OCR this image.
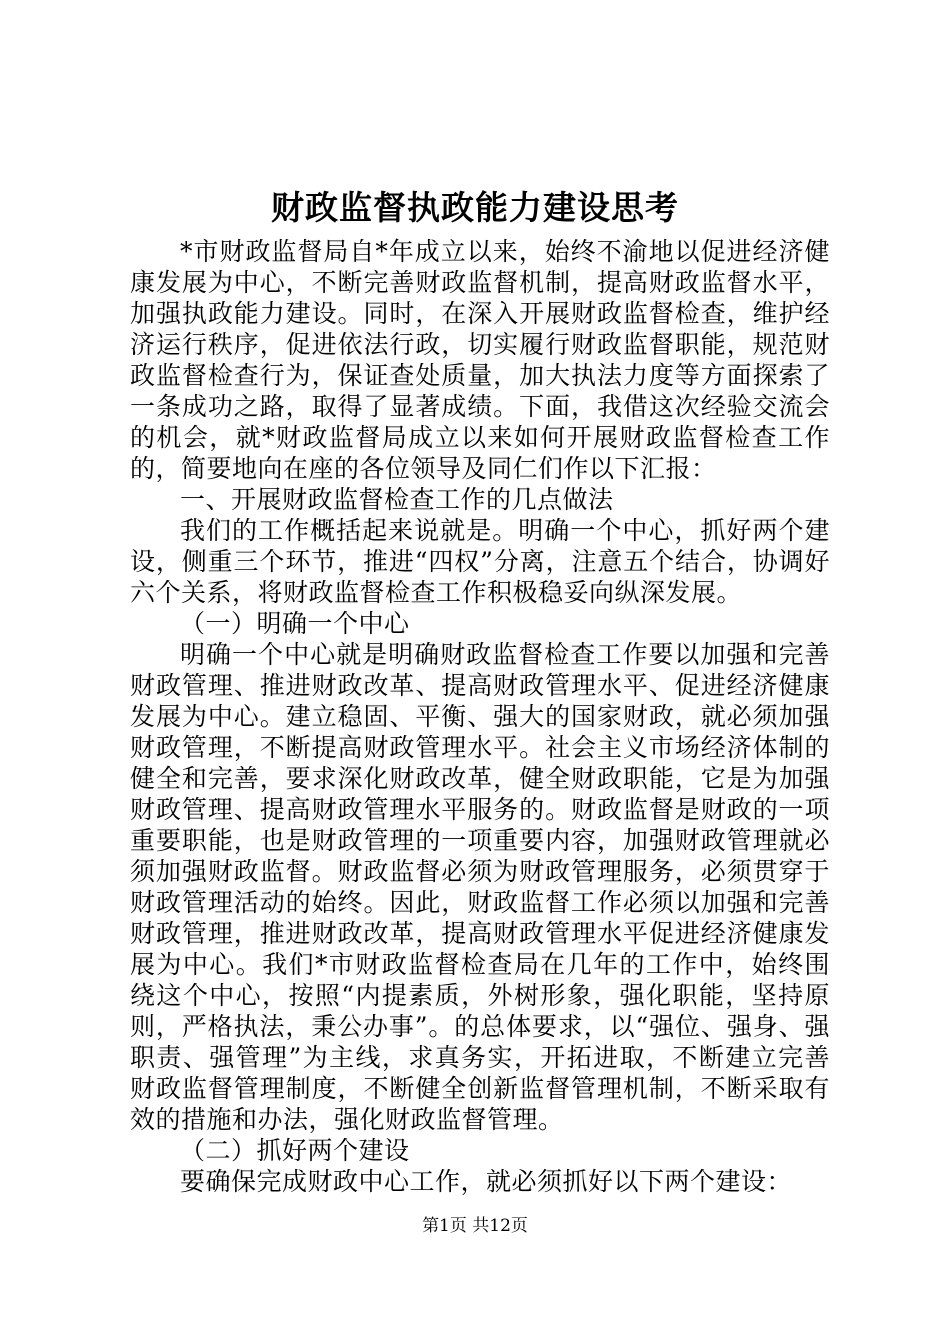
财政监督执政能力建设思考

*市财政监督局自*年成立以来，始终不渝地以促进经济健康发展为中心，不断完善财政监督机制，提高财政监督水平，加强执政能力建设。同时，在深入开展财政监督检查，维护经济运行秩序，促进依法行政，切实履行财政监督职能，规范财政监督检查行为，保证查处质量，加大执法力度等方面探索了一条成功之路，取得了显著成绩。下面，我借这次经验交流会的机会，就*财政监督局成立以来如何开展财政监督检查工作的，简要地向在座的各位领导及同仁们作以下汇报：

一、开展财政监督检查工作的几点做法

我们的工作概括起来说就是。明确一个中心，抓好两个建设，侧重三个环节，推进“四权”分离，注意五个结合，协调好六个关系，将财政监督检查工作积极稳妥向纵深发展。

（一）明确一个中心

明确一个中心就是明确财政监督检查工作要以加强和完善财政管理、推进财政改革、提高财政管理水平、促进经济健康发展为中心。建立稳固、平衡、强大的国家财政，就必须加强财政管理，不断提高财政管理水平。社会主义市场经济体制的健全和完善，要求深化财政改革，健全财政职能，它是为加强财政管理、提高财政管理水平服务的。财政监督是财政的一项重要职能，也是财政管理的一项重要内容，加强财政管理就必须加强财政监督。财政监督必须为财政管理服务，必须贯穿于财政管理活动的始终。因此，财政监督工作必须以加强和完善财政管理，推进财政改革，提高财政管理水平促进经济健康发展为中心。我们*市财政监督检查局在几年的工作中，始终围绕这个中心，按照“内提素质，外树形象，强化职能，坚持原则，严格执法，秉公办事”。的总体要求，以“强位、强身、强职责、强管理”为主线，求真务实，开拓进取，不断建立完善财政监督管理制度，不断健全创新监督管理机制，不断采取有效的措施和办法，强化财政监督管理。

（二）抓好两个建设

要确保完成财政中心工作，就必须抓好以下两个建设：

第1页 共12页
